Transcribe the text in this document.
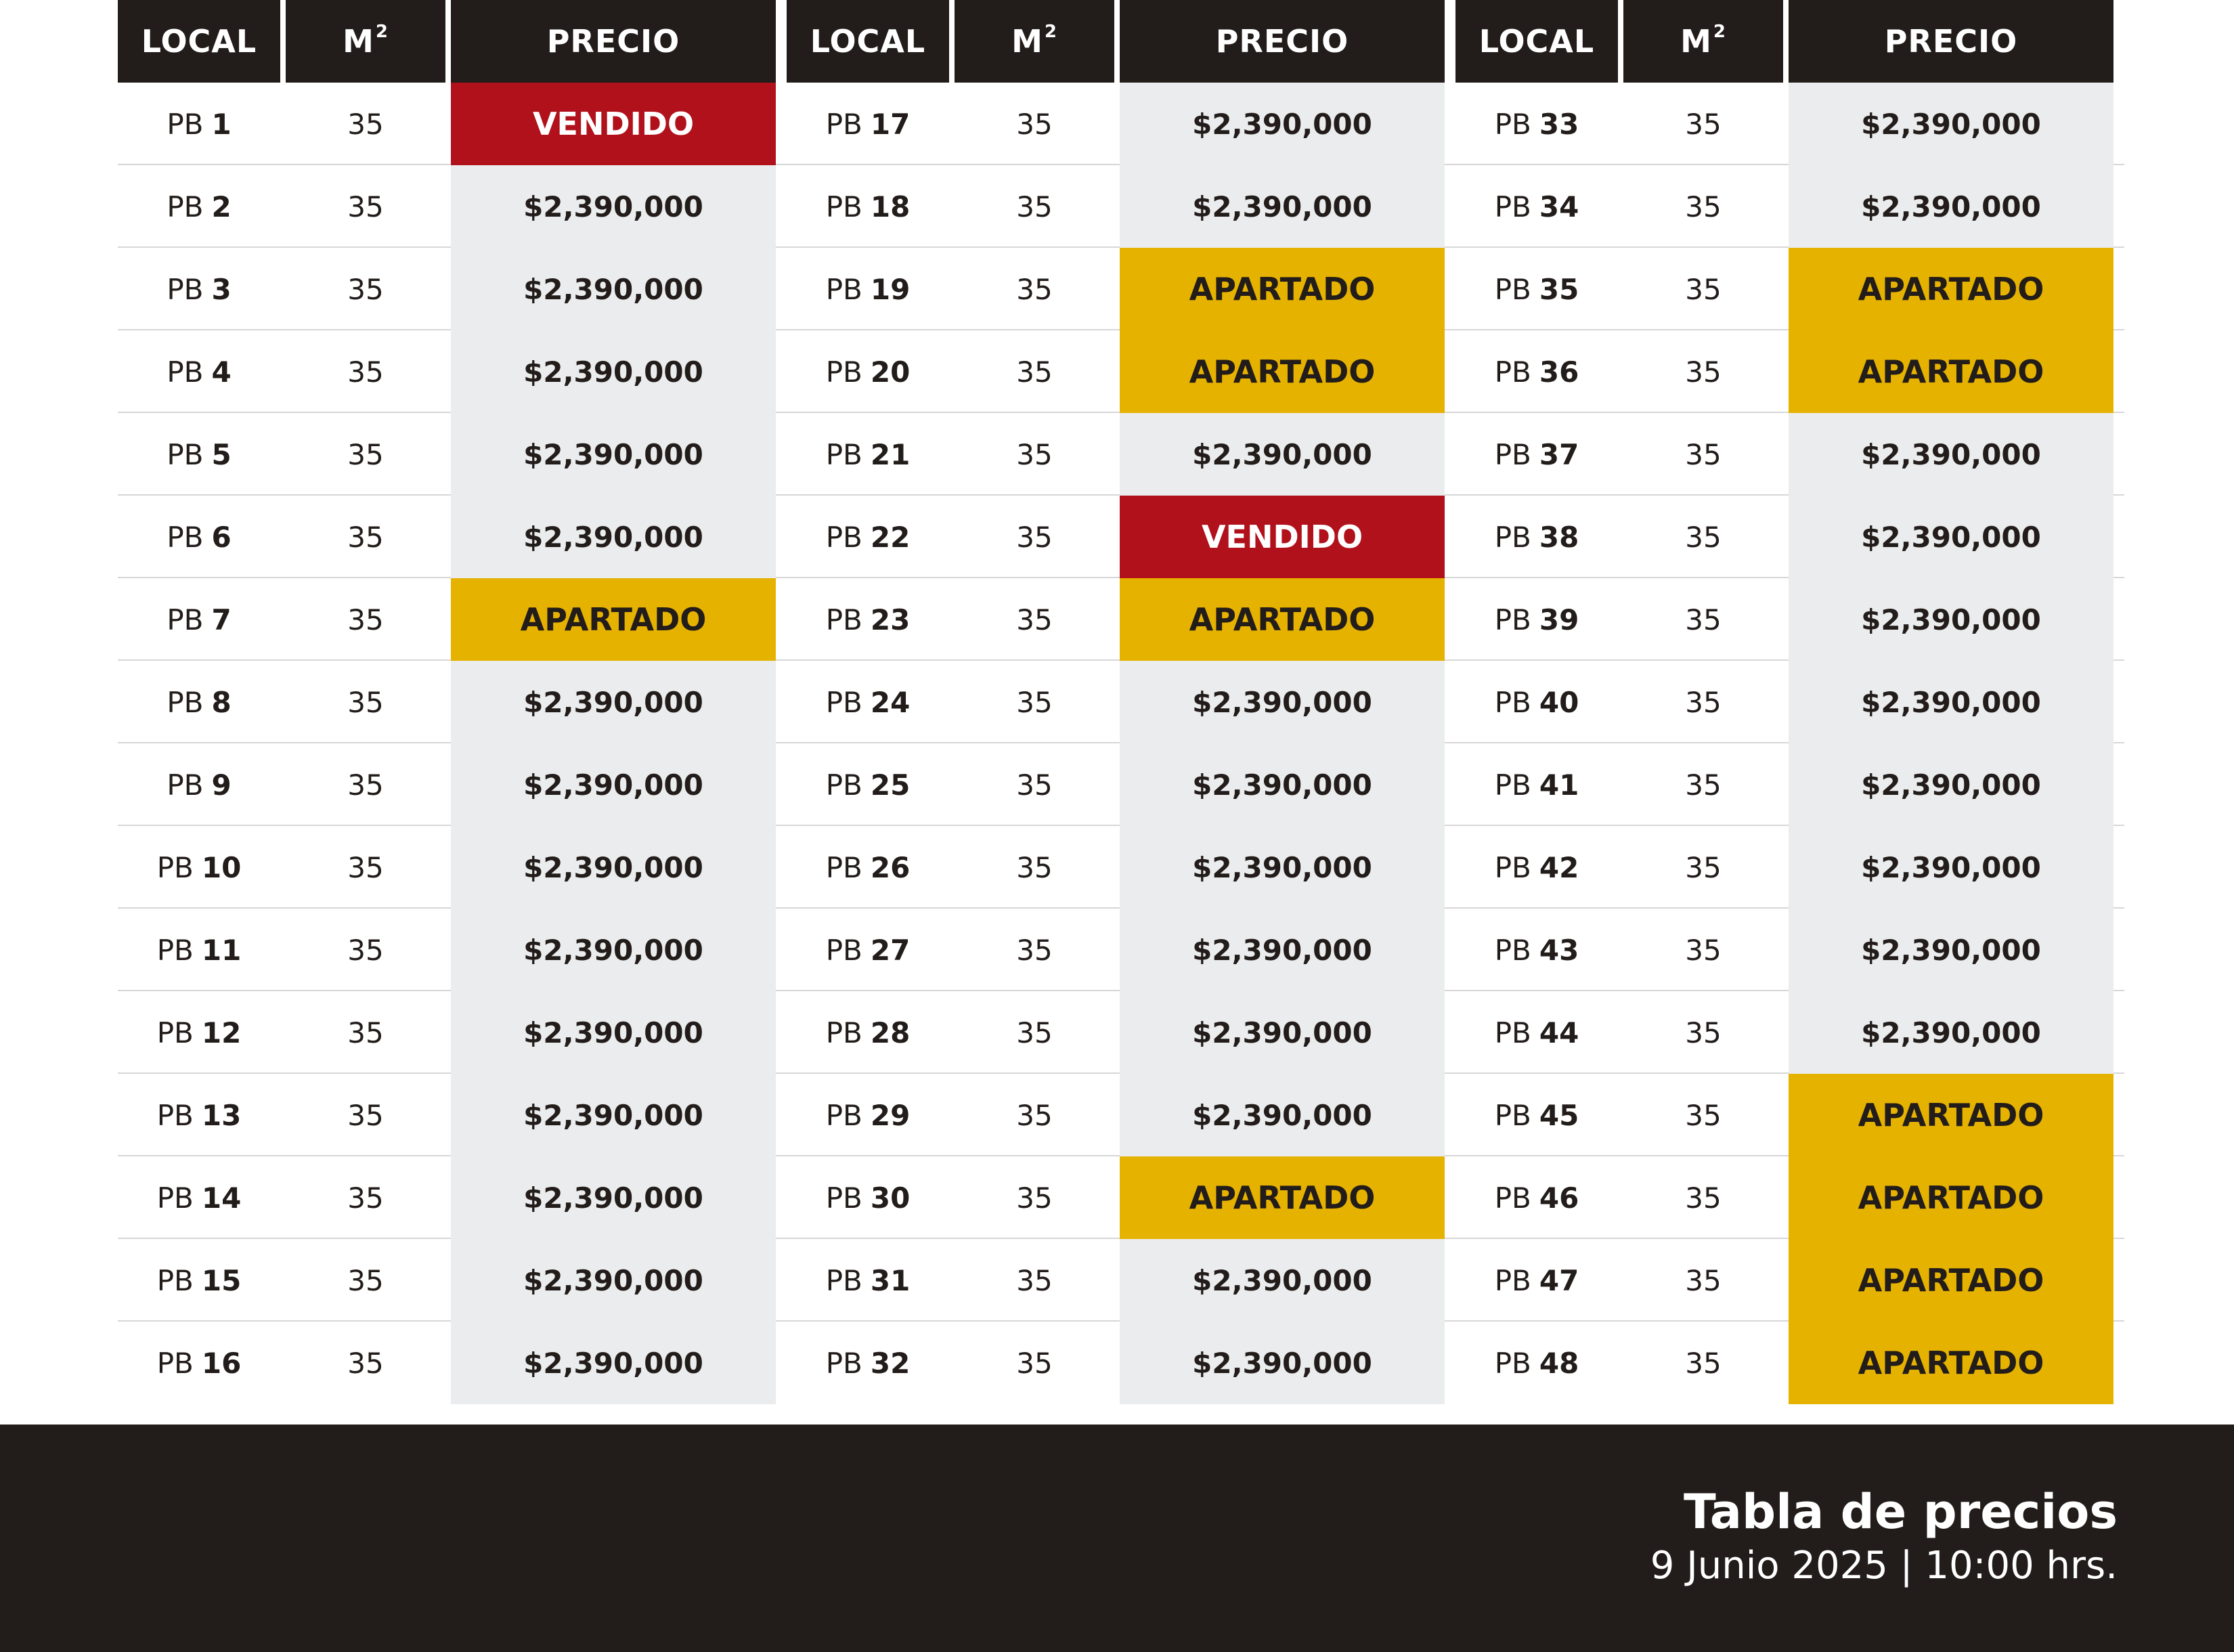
LOCAL	$M^2$	PRECIO
PB 1	35	VENDIDO
PB 2	35	$2,390,000
PB 3	35	$2,390,000
PB 4	35	$2,390,000
PB 5	35	$2,390,000
PB 6	35	$2,390,000
PB 7	35	APARTADO
PB 8	35	$2,390,000
PB 9	35	$2,390,000
PB 10	35	$2,390,000
PB 11	35	$2,390,000
PB 12	35	$2,390,000
PB 13	35	$2,390,000
PB 14	35	$2,390,000
PB 15	35	$2,390,000
PB 16	35	$2,390,000
LOCAL	$M^2$	PRECIO
PB 17	35	$2,390,000
PB 18	35	$2,390,000
PB 19	35	APARTADO
PB 20	35	APARTADO
PB 21	35	$2,390,000
PB 22	35	VENDIDO
PB 23	35	APARTADO
PB 24	35	$2,390,000
PB 25	35	$2,390,000
PB 26	35	$2,390,000
PB 27	35	$2,390,000
PB 28	35	$2,390,000
PB 29	35	$2,390,000
PB 30	35	APARTADO
PB 31	35	$2,390,000
PB 32	35	$2,390,000
LOCAL	$M^2$	PRECIO
PB 33	35	$2,390,000
PB 34	35	$2,390,000
PB 35	35	APARTADO
PB 36	35	APARTADO
PB 37	35	$2,390,000
PB 38	35	$2,390,000
PB 39	35	$2,390,000
PB 40	35	$2,390,000
PB 41	35	$2,390,000
PB 42	35	$2,390,000
PB 43	35	$2,390,000
PB 44	35	$2,390,000
PB 45	35	APARTADO
PB 46	35	APARTADO
PB 47	35	APARTADO
PB 48	35	APARTADO
Tabla de precios
9 Junio 2025 | 10:00 hrs.
